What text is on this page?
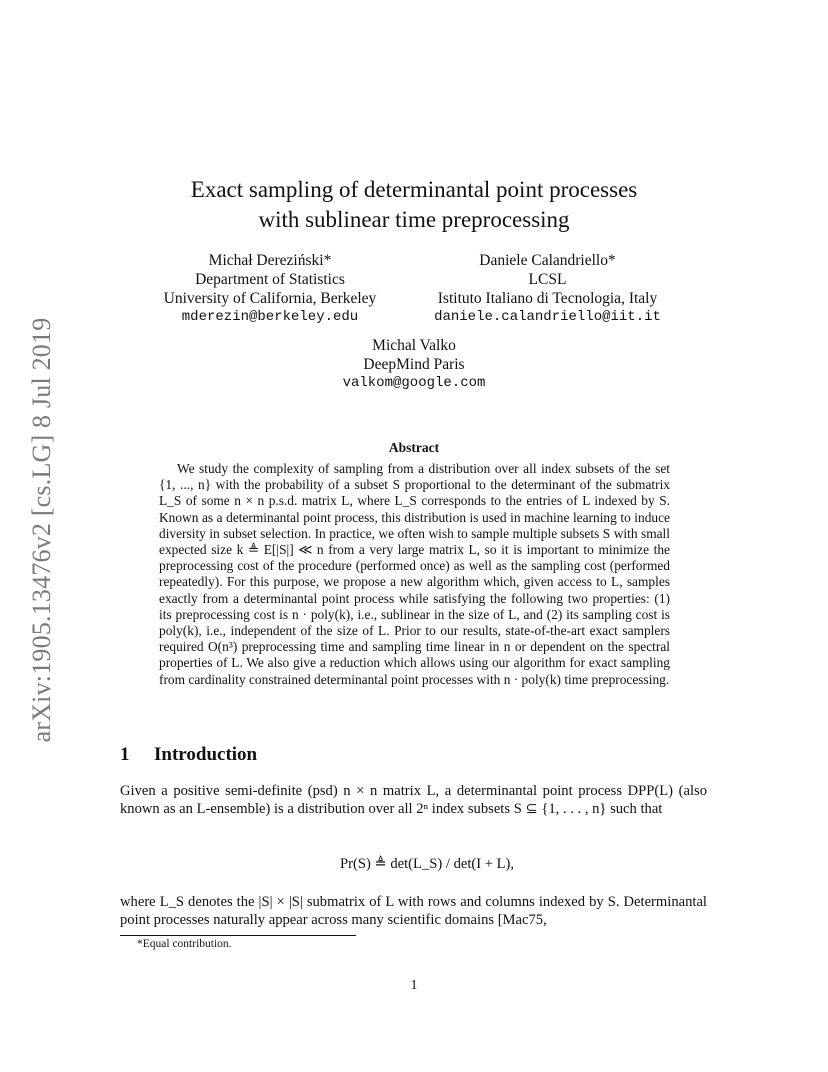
arXiv:1905.13476v2 [cs.LG] 8 Jul 2019
Exact sampling of determinantal point processes
with sublinear time preprocessing
Michał Dereziński*
Department of Statistics
University of California, Berkeley
mderezin@berkeley.edu
Daniele Calandriello*
LCSL
Istituto Italiano di Tecnologia, Italy
daniele.calandriello@iit.it
Michal Valko
DeepMind Paris
valkom@google.com
Abstract

We study the complexity of sampling from a distribution over all index subsets of the set {1, ..., n} with the probability of a subset S proportional to the determinant of the submatrix L_S of some n × n p.s.d. matrix L, where L_S corresponds to the entries of L indexed by S. Known as a determinantal point process, this distribution is used in machine learning to induce diversity in subset selection. In practice, we often wish to sample multiple subsets S with small expected size k ≜ E[|S|] ≪ n from a very large matrix L, so it is important to minimize the preprocessing cost of the procedure (performed once) as well as the sampling cost (performed repeatedly). For this purpose, we propose a new algorithm which, given access to L, samples exactly from a determinantal point process while satisfying the following two properties: (1) its preprocessing cost is n · poly(k), i.e., sublinear in the size of L, and (2) its sampling cost is poly(k), i.e., independent of the size of L. Prior to our results, state-of-the-art exact samplers required O(n³) preprocessing time and sampling time linear in n or dependent on the spectral properties of L. We also give a reduction which allows using our algorithm for exact sampling from cardinality constrained determinantal point processes with n · poly(k) time preprocessing.

1 Introduction
Given a positive semi-definite (psd) n × n matrix L, a determinantal point process DPP(L) (also known as an L-ensemble) is a distribution over all 2ⁿ index subsets S ⊆ {1, . . . , n} such that
Pr(S) ≜ det(L_S) / det(I + L),
where L_S denotes the |S| × |S| submatrix of L with rows and columns indexed by S. Determinantal point processes naturally appear across many scientific domains [Mac75,
*Equal contribution.
1
